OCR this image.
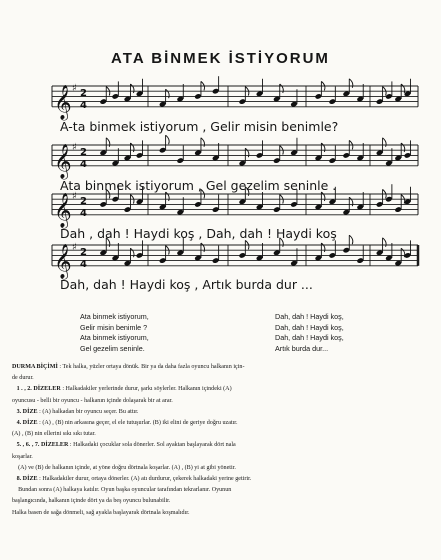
ATA BİNMEK İSTİYORUM
𝄞 ♯ 2
4
𝄞 ♯ 2
4
𝄞 ♯ 2
4
𝄞 ♯ 2
4
A-ta binmek istiyorum , Gelir misin benimle?
Ata binmek istiyorum , Gel gezelim seninle .
Dah , dah ! Haydi koş , Dah, dah ! Haydi koş
Dah, dah ! Haydi koş , Artık burda dur ...
Ata binmek istiyorum,
Gelir misin benimle ?
Ata binmek istiyorum,
Gel gezelim seninle.
Dah, dah ! Haydi koş,
Dah, dah ! Haydi koş,
Dah, dah ! Haydi koş,
Artık burda dur...

DURMA BİÇİMİ : Tek halka, yüzler ortaya dönük. Bir ya da daha fazla oyuncu halkanın için-

de durur.

1 . , 2. DİZELER : Halkadakiler yerlerinde durur, şarkı söylerler. Halkanın içindeki (A)

oyuncusu - belli bir oyuncu - halkanın içinde dolaşarak bir at arar.

3. DİZE : (A) halkadan bir oyuncu seçer. Bu attır.

4. DİZE : (A) , (B) nin arkasına geçer, el ele tutuşurlar. (B) iki elini de geriye doğru uzatır.

(A) , (B) nin ellerini sıkı sıkı tutar.

5. , 6. , 7. DİZELER : Halkadaki çocuklar sola dönerler. Sol ayaktan başlayarak dört nala

koşarlar.

(A) ve (B) de halkanın içinde, at yöne doğru dörtnala koşarlar. (A) , (B) yi at gibi yönetir.

8. DİZE : Halkadakiler durur, ortaya dönerler. (A) atı durdurur, çekerek halkadaki yerine getirir.

Bundan sonra (A) halkaya katılır. Oyun başka oyuncular tarafından tekrarlanır. Oyunun

başlangıcında, halkanın içinde dört ya da beş oyuncu bulunabilir.

Halka basen de sağa dönmeli, sağ ayakla başlayarak dörtnala koşmalıdır.
